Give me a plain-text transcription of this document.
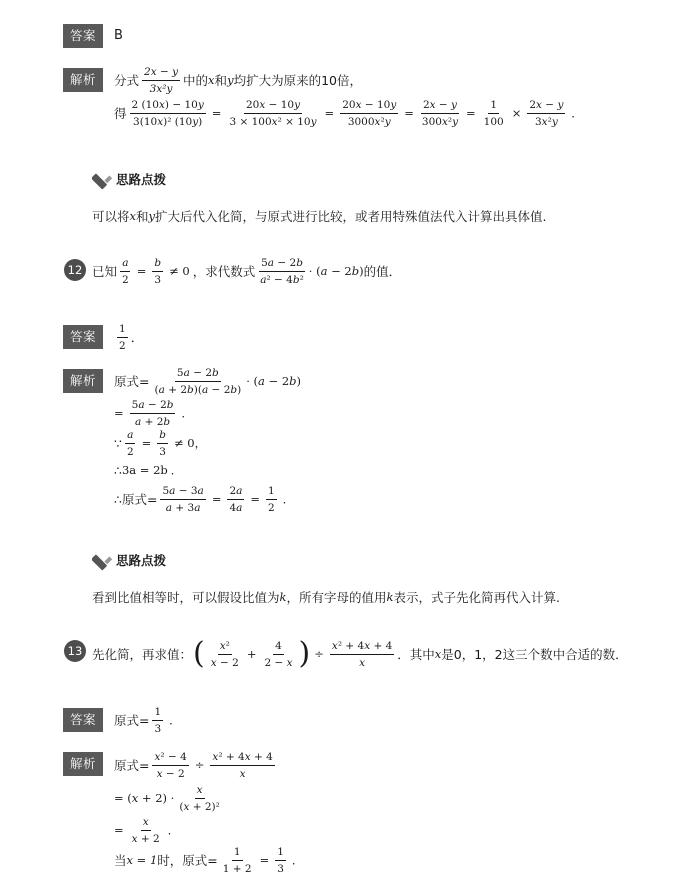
答案	B
解析	分式 $\frac{2x - y}{\text{3x²y}}$ 中的 x 和 y 均扩大为原来的10倍，
得 $\frac{2 (10x) - 10y}{\text{3(10x)² (10y)}} = \frac{20x - 10y}{\text{3 × 100x² × 10y}} = \frac{20x - 10y}{\text{3000x²y}} = \frac{2x - y}{\text{300x²y}} = \frac{1}{100} \times \frac{2x - y}{\text{3x²y}}$ ．
思路点拨
可以将 x 和 y 扩大后代入化简，与原式进行比较，或者用特殊值法代入计算出具体值.
12 已知 $\frac{a}{2} = \frac{b}{3} \ne 0$ ，求代数式 $\frac{5a - 2b}{\text{a² − 4b²}} \cdot (a - 2b)$ 的值．
答案	$\frac{1}{2}$ ．
解析	原式= $\frac{5a - 2b}{(a + 2b)(a - 2b)} \cdot (a - 2b)$
= $\frac{5a - 2b}{a + 2b}$ ．
∵ $\frac{a}{2} = \frac{b}{3} \ne 0$，
∴ 3a = 2b ．
∴ 原式= $\frac{5a - 3a}{a + 3a} = \frac{2a}{4a} = \frac{1}{2}$ ．
思路点拨
看到比值相等时，可以假设比值为 k ，所有字母的值用 k 表示，式子先化简再代入计算.
13 先化简，再求值： ( $\frac{\text{x²}}{x - 2} + \frac{4}{2 - x}$ ) ÷ $\frac{\text{x² + 4x + 4}}{x}$ ．其中 x 是0，1，2这三个数中合适的数．
答案	原式= $\frac{1}{3}$ ．
解析	原式= $\frac{\text{x² − 4}}{x - 2} \div \frac{\text{x² + 4x + 4}}{x}$
= $(x + 2) \cdot \frac{x}{\text{(x + 2)²}}$
= $\frac{x}{x + 2}$ ．
当 x = 1 时，原式= $\frac{1}{1 + 2} = \frac{1}{3}$ ．
